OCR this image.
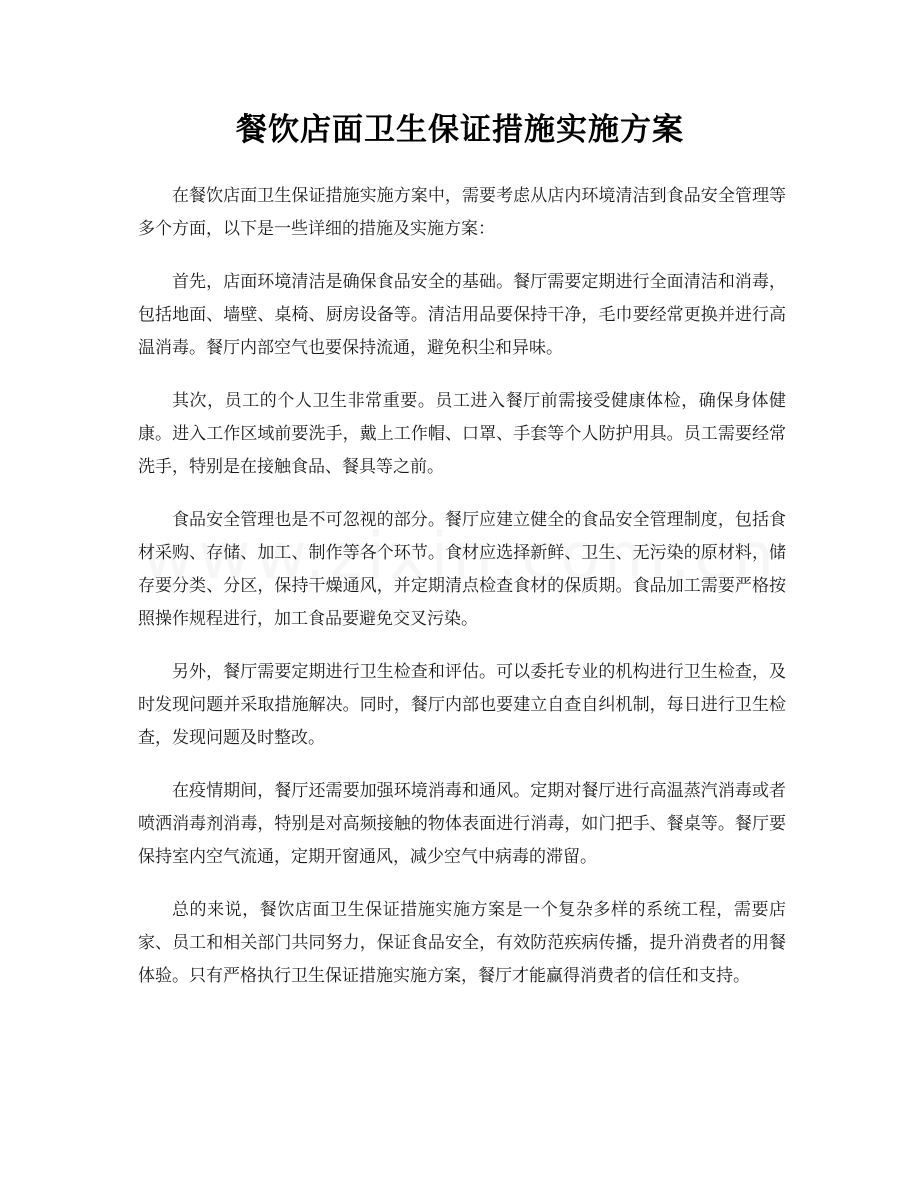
餐饮店面卫生保证措施实施方案

在餐饮店面卫生保证措施实施方案中，需要考虑从店内环境清洁到食品安全管理等多个方面，以下是一些详细的措施及实施方案：

首先，店面环境清洁是确保食品安全的基础。餐厅需要定期进行全面清洁和消毒，包括地面、墙壁、桌椅、厨房设备等。清洁用品要保持干净，毛巾要经常更换并进行高温消毒。餐厅内部空气也要保持流通，避免积尘和异味。

其次，员工的个人卫生非常重要。员工进入餐厅前需接受健康体检，确保身体健康。进入工作区域前要洗手，戴上工作帽、口罩、手套等个人防护用具。员工需要经常洗手，特别是在接触食品、餐具等之前。

食品安全管理也是不可忽视的部分。餐厅应建立健全的食品安全管理制度，包括食材采购、存储、加工、制作等各个环节。食材应选择新鲜、卫生、无污染的原材料，储存要分类、分区，保持干燥通风，并定期清点检查食材的保质期。食品加工需要严格按照操作规程进行，加工食品要避免交叉污染。

另外，餐厅需要定期进行卫生检查和评估。可以委托专业的机构进行卫生检查，及时发现问题并采取措施解决。同时，餐厅内部也要建立自查自纠机制，每日进行卫生检查，发现问题及时整改。

在疫情期间，餐厅还需要加强环境消毒和通风。定期对餐厅进行高温蒸汽消毒或者喷洒消毒剂消毒，特别是对高频接触的物体表面进行消毒，如门把手、餐桌等。餐厅要保持室内空气流通，定期开窗通风，减少空气中病毒的滞留。

总的来说，餐饮店面卫生保证措施实施方案是一个复杂多样的系统工程，需要店家、员工和相关部门共同努力，保证食品安全，有效防范疾病传播，提升消费者的用餐体验。只有严格执行卫生保证措施实施方案，餐厅才能赢得消费者的信任和支持。
